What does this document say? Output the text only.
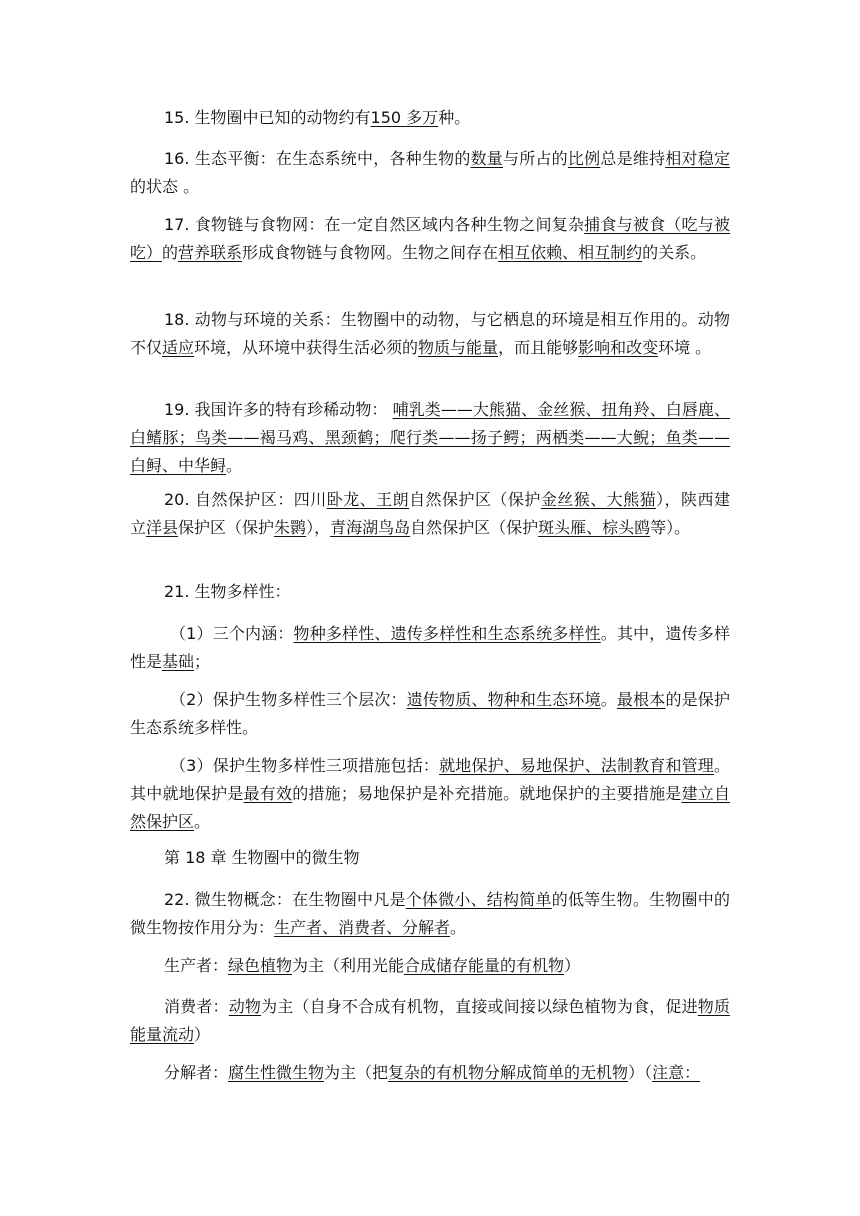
15. 生物圈中已知的动物约有150 多万种。

16. 生态平衡：在生态系统中，各种生物的数量与所占的比例总是维持相对稳定的状态 。

17. 食物链与食物网：在一定自然区域内各种生物之间复杂捕食与被食（吃与被吃）的营养联系形成食物链与食物网。生物之间存在相互依赖、相互制约的关系。

18. 动物与环境的关系：生物圈中的动物，与它栖息的环境是相互作用的。动物不仅适应环境，从环境中获得生活必须的物质与能量，而且能够影响和改变环境 。

19. 我国许多的特有珍稀动物： 哺乳类——大熊猫、金丝猴、扭角羚、白唇鹿、白鳍豚；鸟类——褐马鸡、黑颈鹤；爬行类——扬子鳄；两栖类——大鲵；鱼类——白鲟、中华鲟。

20. 自然保护区：四川卧龙、王朗自然保护区（保护金丝猴、大熊猫），陕西建立洋县保护区（保护朱鹮），青海湖鸟岛自然保护区（保护斑头雁、棕头鸥等）。

21. 生物多样性：

（1）三个内涵：物种多样性、遗传多样性和生态系统多样性。其中，遗传多样性是基础；

（2）保护生物多样性三个层次：遗传物质、物种和生态环境。最根本的是保护生态系统多样性。

（3）保护生物多样性三项措施包括：就地保护、易地保护、法制教育和管理。其中就地保护是最有效的措施；易地保护是补充措施。就地保护的主要措施是建立自然保护区。

第 18 章 生物圈中的微生物

22. 微生物概念：在生物圈中凡是个体微小、结构简单的低等生物。生物圈中的微生物按作用分为：生产者、消费者、分解者。

生产者：绿色植物为主（利用光能合成储存能量的有机物）

消费者：动物为主（自身不合成有机物，直接或间接以绿色植物为食，促进物质能量流动）

分解者：腐生性微生物为主（把复杂的有机物分解成简单的无机物）（注意：
